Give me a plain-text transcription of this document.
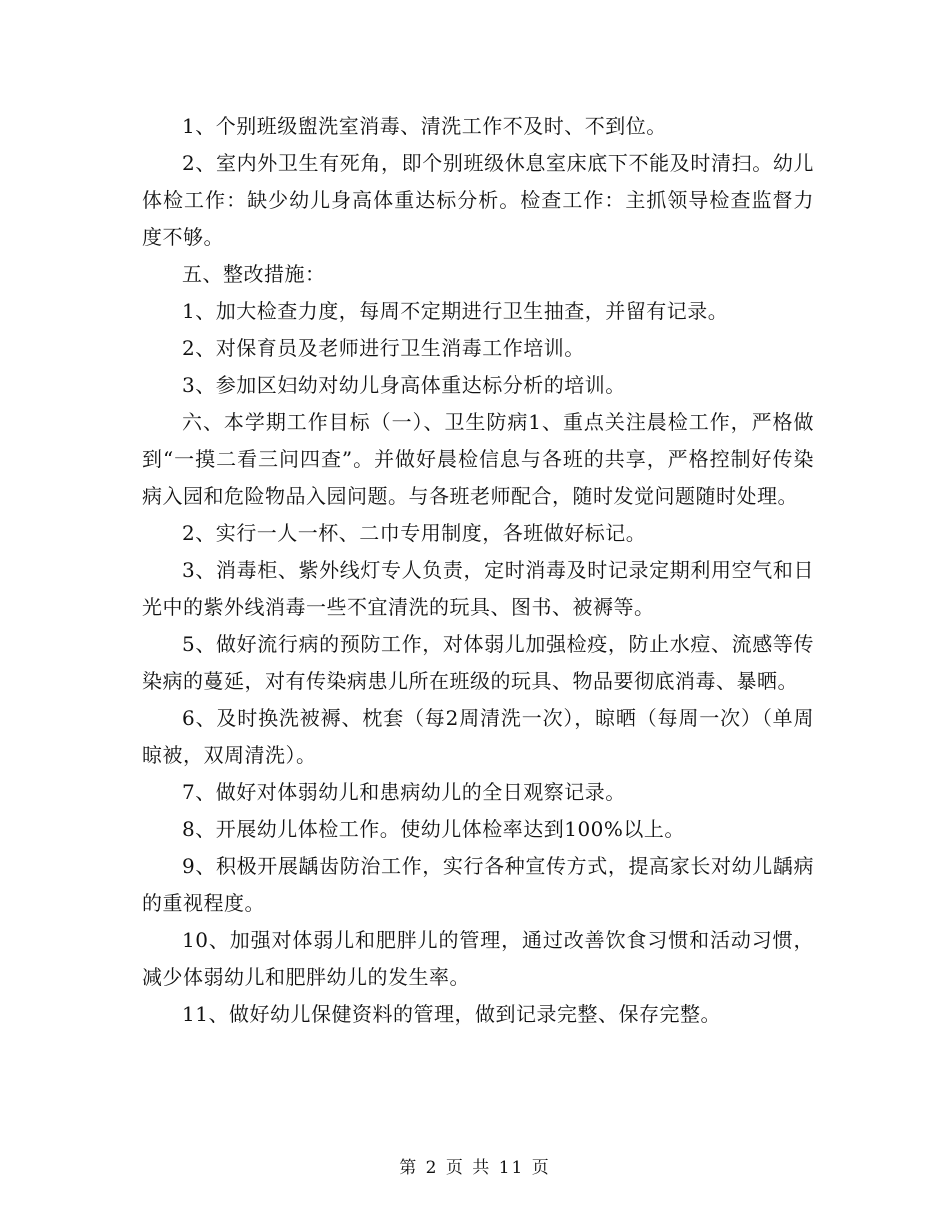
1、个别班级盥洗室消毒、清洗工作不及时、不到位。

2、室内外卫生有死角，即个别班级休息室床底下不能及时清扫。幼儿体检工作：缺少幼儿身高体重达标分析。检查工作：主抓领导检查监督力度不够。

五、整改措施：

1、加大检查力度，每周不定期进行卫生抽查，并留有记录。

2、对保育员及老师进行卫生消毒工作培训。

3、参加区妇幼对幼儿身高体重达标分析的培训。

六、本学期工作目标（一）、卫生防病1、重点关注晨检工作，严格做到“一摸二看三问四查”。并做好晨检信息与各班的共享，严格控制好传染病入园和危险物品入园问题。与各班老师配合，随时发觉问题随时处理。

2、实行一人一杯、二巾专用制度，各班做好标记。

3、消毒柜、紫外线灯专人负责，定时消毒及时记录定期利用空气和日光中的紫外线消毒一些不宜清洗的玩具、图书、被褥等。

5、做好流行病的预防工作，对体弱儿加强检疫，防止水痘、流感等传染病的蔓延，对有传染病患儿所在班级的玩具、物品要彻底消毒、暴晒。

6、及时换洗被褥、枕套（每2周清洗一次），晾晒（每周一次）（单周晾被，双周清洗）。

7、做好对体弱幼儿和患病幼儿的全日观察记录。

8、开展幼儿体检工作。使幼儿体检率达到100%以上。

9、积极开展龋齿防治工作，实行各种宣传方式，提高家长对幼儿龋病的重视程度。

10、加强对体弱儿和肥胖儿的管理，通过改善饮食习惯和活动习惯，减少体弱幼儿和肥胖幼儿的发生率。

11、做好幼儿保健资料的管理，做到记录完整、保存完整。

第 2 页 共 11 页
